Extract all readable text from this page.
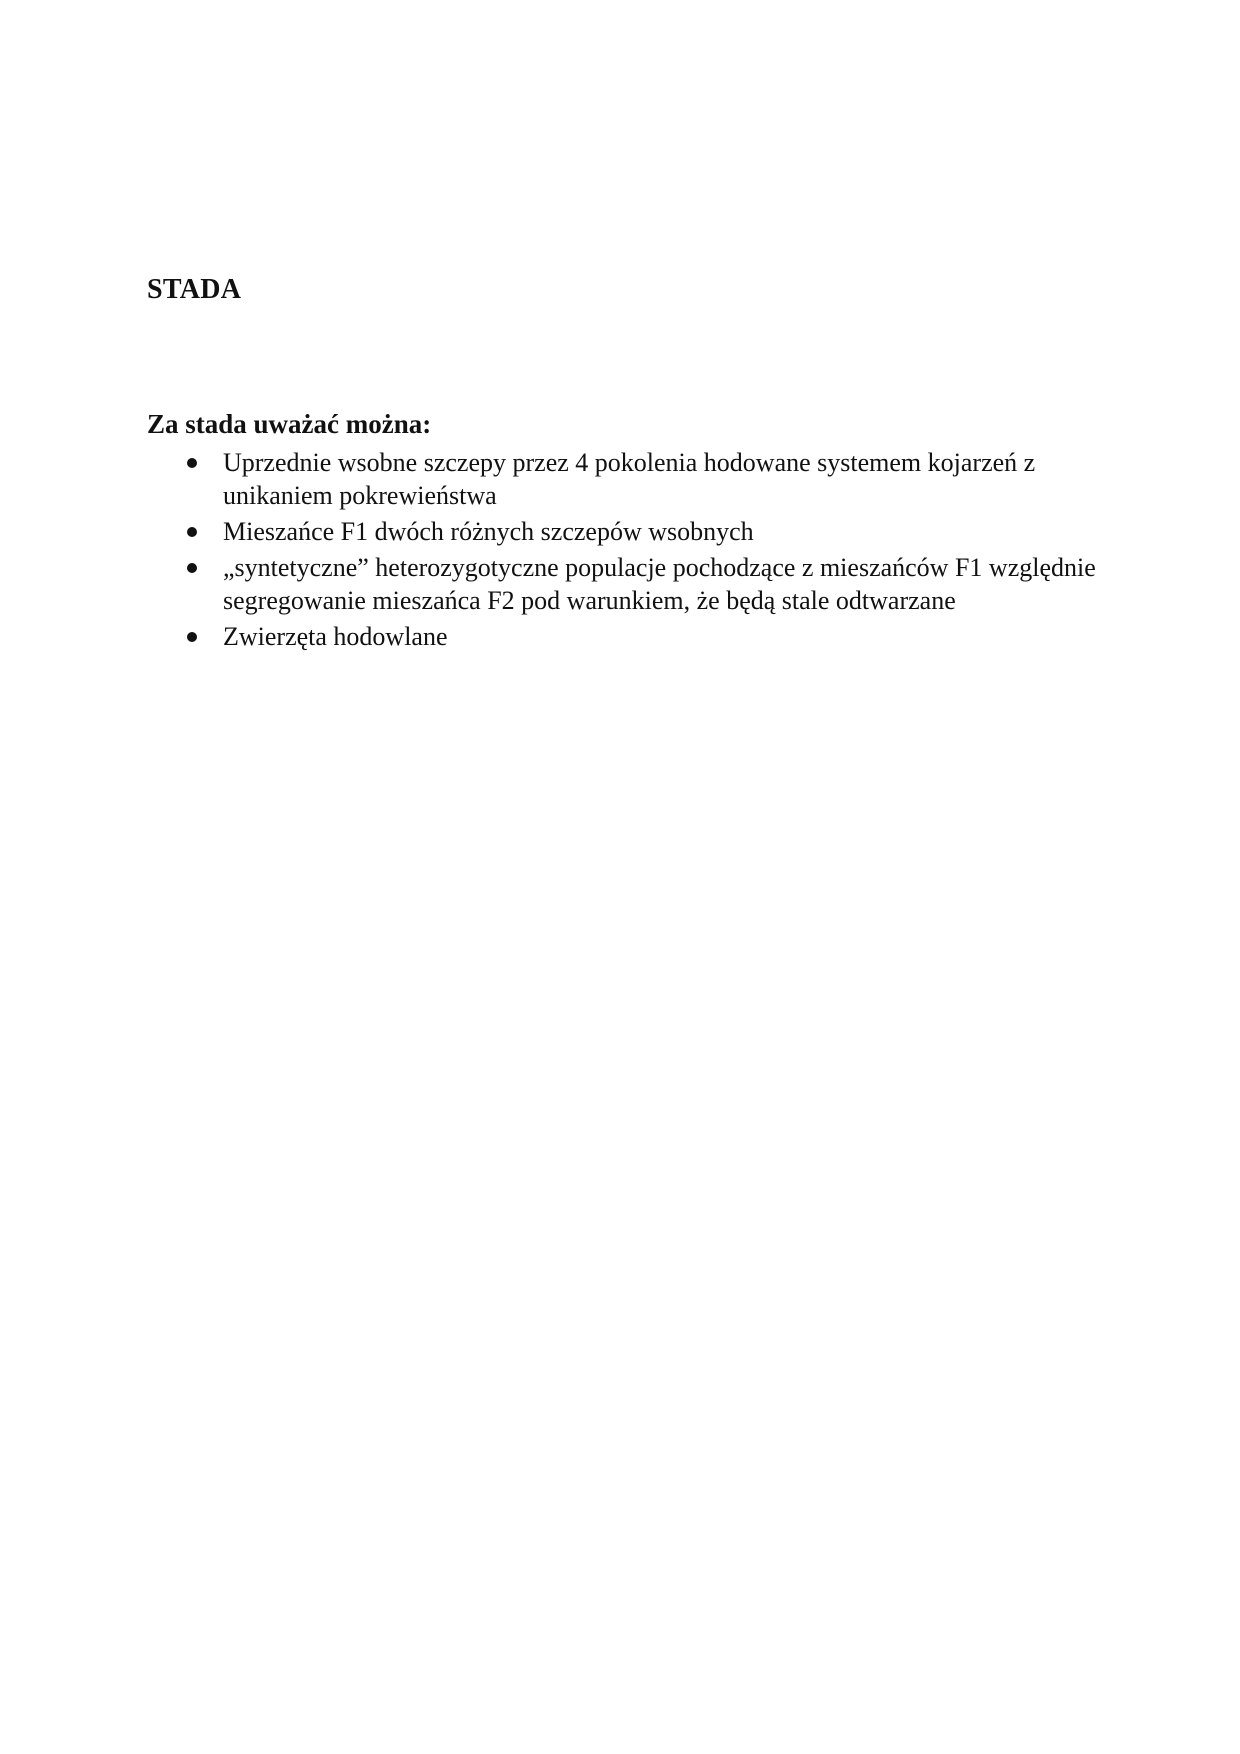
STADA
Za stada uważać można:
Uprzednie wsobne szczepy przez 4 pokolenia hodowane systemem kojarzeń z unikaniem pokrewieństwa
Mieszańce F1 dwóch różnych szczepów wsobnych
„syntetyczne” heterozygotyczne populacje pochodzące z mieszańców F1 względnie segregowanie mieszańca F2 pod warunkiem, że będą stale odtwarzane
Zwierzęta hodowlane
